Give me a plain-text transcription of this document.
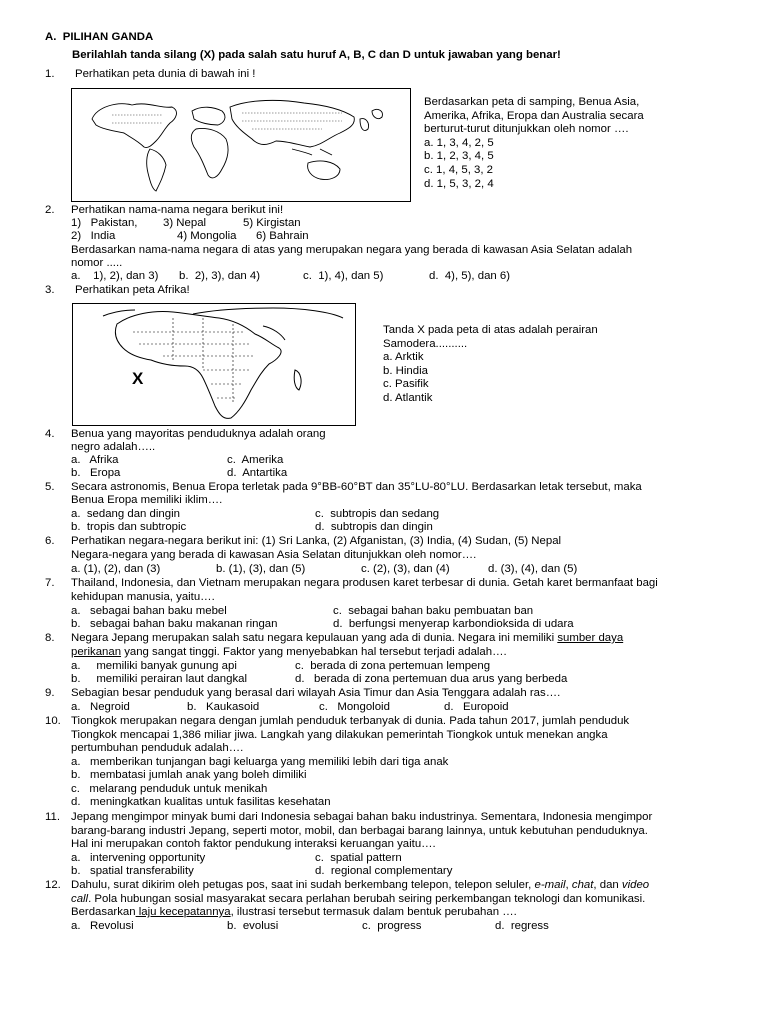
A.  PILIHAN GANDA
Berilahlah tanda silang (X) pada salah satu huruf A, B, C dan D untuk jawaban yang benar!
1.	Perhatikan peta dunia di bawah ini !
Berdasarkan peta di samping, Benua Asia,
Amerika, Afrika, Eropa dan Australia secara
berturut-turut ditunjukkan oleh nomor ….
a. 1, 3, 4, 2, 5
b. 1, 2, 3, 4, 5
c. 1, 4, 5, 3, 2
d. 1, 5, 3, 2, 4
2.	Perhatikan nama-nama negara berikut ini!
1)   Pakistan, 3) Nepal	5) Kirgistan
2)   India	4) Mongolia 6) Bahrain
Berdasarkan nama-nama negara di atas yang merupakan negara yang berada di kawasan Asia Selatan adalah
nomor .....
a.    1), 2), dan 3) b.  2), 3), dan 4)	c.  1), 4), dan 5)	d.  4), 5), dan 6)
3.	Perhatikan peta Afrika!
X
Tanda X pada peta di atas adalah perairan
Samodera..........
a. Arktik
b. Hindia
c. Pasifik
d. Atlantik
4.	Benua yang mayoritas penduduknya adalah orang
negro adalah…..
a.   Afrika	c.  Amerika
b.   Eropa	d.  Antartika
5.	Secara astronomis, Benua Eropa terletak pada 9°BB-60°BT dan 35°LU-80°LU. Berdasarkan letak tersebut, maka
Benua Eropa memiliki iklim….
a.  sedang dan dingin	c.  subtropis dan sedang
b.  tropis dan subtropic	d.  subtropis dan dingin
6.	Perhatikan negara-negara berikut ini: (1) Sri Lanka, (2) Afganistan, (3) India, (4) Sudan, (5) Nepal
Negara-negara yang berada di kawasan Asia Selatan ditunjukkan oleh nomor….
a. (1), (2), dan (3)	b. (1), (3), dan (5)	c. (2), (3), dan (4)	d. (3), (4), dan (5)
7.	Thailand, Indonesia, dan Vietnam merupakan negara produsen karet terbesar di dunia. Getah karet bermanfaat bagi
kehidupan manusia, yaitu….
a.   sebagai bahan baku mebel	c.  sebagai bahan baku pembuatan ban
b.   sebagai bahan baku makanan ringan	d.  berfungsi menyerap karbondioksida di udara
8.	Negara Jepang merupakan salah satu negara kepulauan yang ada di dunia. Negara ini memiliki sumber daya
perikanan yang sangat tinggi. Faktor yang menyebabkan hal tersebut terjadi adalah….
a.     memiliki banyak gunung api	c.  berada di zona pertemuan lempeng
b.     memiliki perairan laut dangkal	d.   berada di zona pertemuan dua arus yang berbeda
9.	Sebagian besar penduduk yang berasal dari wilayah Asia Timur dan Asia Tenggara adalah ras….
a.   Negroid	b.   Kaukasoid	c.   Mongoloid	d.   Europoid
10. Tiongkok merupakan negara dengan jumlah penduduk terbanyak di dunia. Pada tahun 2017, jumlah penduduk
Tiongkok mencapai 1,386 miliar jiwa. Langkah yang dilakukan pemerintah Tiongkok untuk menekan angka
pertumbuhan penduduk adalah….
a.   memberikan tunjangan bagi keluarga yang memiliki lebih dari tiga anak
b.   membatasi jumlah anak yang boleh dimiliki
c.   melarang penduduk untuk menikah
d.   meningkatkan kualitas untuk fasilitas kesehatan
11. Jepang mengimpor minyak bumi dari Indonesia sebagai bahan baku industrinya. Sementara, Indonesia mengimpor
barang-barang industri Jepang, seperti motor, mobil, dan berbagai barang lainnya, untuk kebutuhan penduduknya.
Hal ini merupakan contoh faktor pendukung interaksi keruangan yaitu….
a.   intervening opportunity	c.  spatial pattern
b.   spatial transferability	d.  regional complementary
12. Dahulu, surat dikirim oleh petugas pos, saat ini sudah berkembang telepon, telepon seluler, e-mail, chat, dan video
call. Pola hubungan sosial masyarakat secara perlahan berubah seiring perkembangan teknologi dan komunikasi.
Berdasarkan laju kecepatannya, ilustrasi tersebut termasuk dalam bentuk perubahan ….
a.   Revolusi	b.  evolusi	c.  progress	d.  regress
